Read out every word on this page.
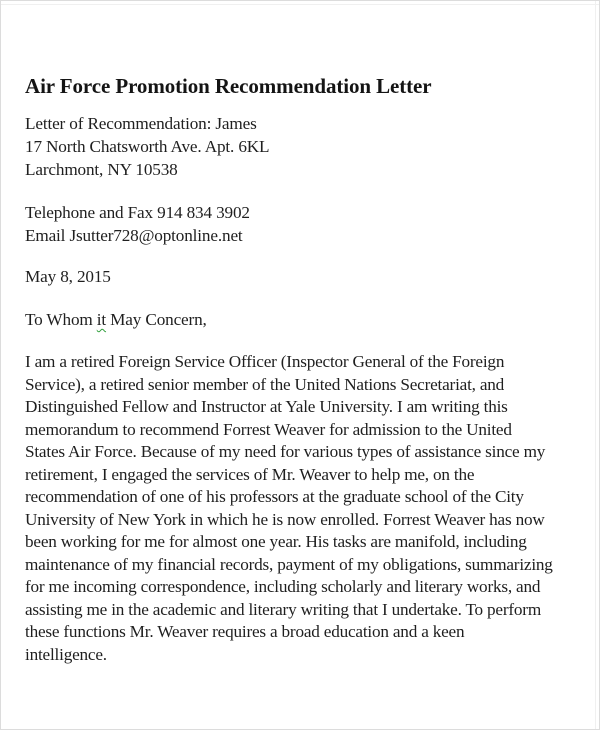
Air Force Promotion Recommendation Letter
Letter of Recommendation: James
17 North Chatsworth Ave. Apt. 6KL
Larchmont, NY 10538
Telephone and Fax 914 834 3902
Email Jsutter728@optonline.net
May 8, 2015
To Whom it May Concern,
I am a retired Foreign Service Officer (Inspector General of the Foreign
Service), a retired senior member of the United Nations Secretariat, and
Distinguished Fellow and Instructor at Yale University. I am writing this
memorandum to recommend Forrest Weaver for admission to the United
States Air Force. Because of my need for various types of assistance since my
retirement, I engaged the services of Mr. Weaver to help me, on the
recommendation of one of his professors at the graduate school of the City
University of New York in which he is now enrolled. Forrest Weaver has now
been working for me for almost one year. His tasks are manifold, including
maintenance of my financial records, payment of my obligations, summarizing
for me incoming correspondence, including scholarly and literary works, and
assisting me in the academic and literary writing that I undertake. To perform
these functions Mr. Weaver requires a broad education and a keen
intelligence.
